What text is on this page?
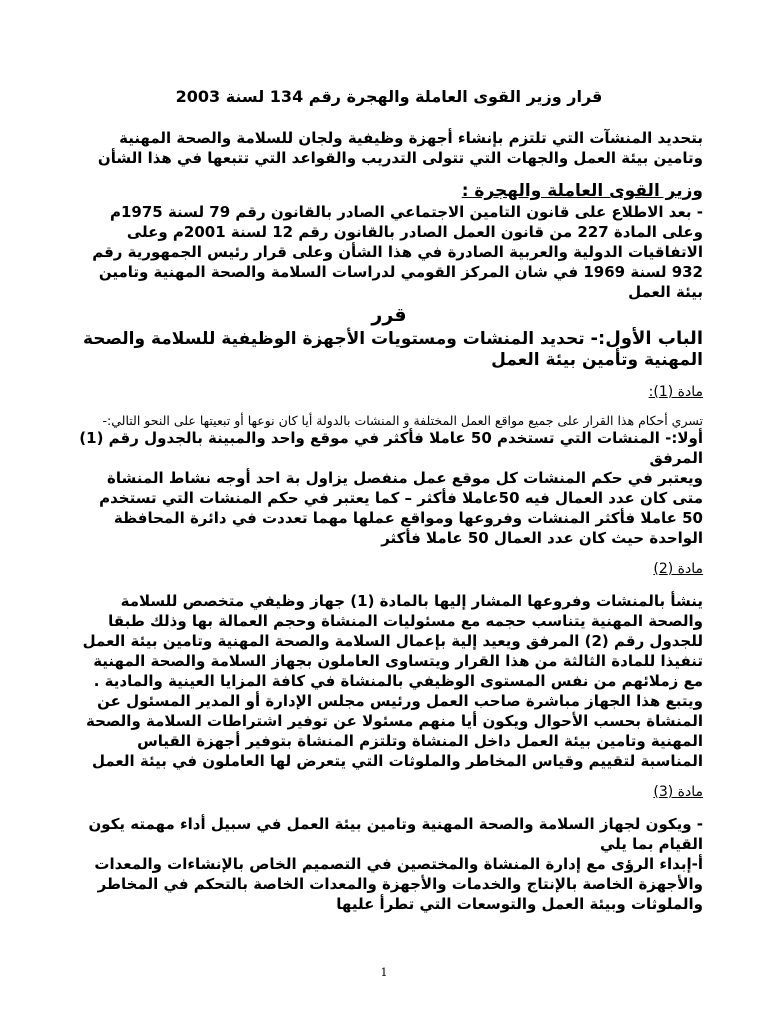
قرار وزير القوى العاملة والهجرة رقم 134 لسنة 2003

بتحديد المنشآت التي تلتزم بإنشاء أجهزة وظيفية ولجان للسلامة والصحة المهنية وتامين بيئة العمل والجهات التي تتولى التدريب والقواعد التي تتبعها في هذا الشأن

وزير القوى العاملة والهجرة :

- بعد الاطلاع على قانون التامين الاجتماعي الصادر بالقانون رقم 79 لسنة 1975م وعلى المادة 227 من قانون العمل الصادر بالقانون رقم 12 لسنة 2001م وعلى الاتفاقيات الدولية والعربية الصادرة في هذا الشأن وعلى قرار رئيس الجمهورية رقم 932 لسنة 1969 في شان المركز القومي لدراسات السلامة والصحة المهنية وتامين بيئة العمل

قرر

الباب الأول:- تحديد المنشات ومستويات الأجهزة الوظيفية للسلامة والصحة المهنية وتأمين بيئة العمل

مادة (1):

تسري أحكام هذا القرار على جميع مواقع العمل المختلفة و المنشات بالدولة أيا كان نوعها أو تبعيتها على النحو التالي:-

أولا:- المنشات التي تستخدم 50 عاملا فأكثر في موقع واحد والمبينة بالجدول رقم (1) المرفق

ويعتبر في حكم المنشات كل موقع عمل منفصل يزاول بة احد أوجه نشاط المنشاة متى كان عدد العمال فيه 50عاملا فأكثر – كما يعتبر في حكم المنشات التي تستخدم 50 عاملا فأكثر المنشات وفروعها ومواقع عملها مهما تعددت في دائرة المحافظة الواحدة حيث كان عدد العمال 50 عاملا فأكثر

مادة (2)

ينشأ بالمنشات وفروعها المشار إليها بالمادة (1) جهاز وظيفي متخصص للسلامة والصحة المهنية يتناسب حجمه مع مسئوليات المنشاة وحجم العمالة بها وذلك طبقا للجدول رقم (2) المرفق ويعيد إلية بإعمال السلامة والصحة المهنية وتامين بيئة العمل تنفيذا للمادة الثالثة من هذا القرار ويتساوى العاملون بجهاز السلامة والصحة المهنية مع زملائهم من نفس المستوى الوظيفي بالمنشاة في كافة المزايا العينية والمادية . ويتبع هذا الجهاز مباشرة صاحب العمل ورئيس مجلس الإدارة أو المدير المسئول عن المنشاة بحسب الأحوال ويكون أيا منهم مسئولا عن توفير اشتراطات السلامة والصحة المهنية وتامين بيئة العمل داخل المنشاة وتلتزم المنشاة بتوفير أجهزة القياس المناسبة لتقييم وقياس المخاطر والملوثات التي يتعرض لها العاملون في بيئة العمل

مادة (3)

- ويكون لجهاز السلامة والصحة المهنية وتامين بيئة العمل في سبيل أداء مهمته يكون القيام بما يلي

أ-إبداء الرؤى مع إدارة المنشاة والمختصين في التصميم الخاص بالإنشاءات والمعدات والأجهزة الخاصة بالإنتاج والخدمات والأجهزة والمعدات الخاصة بالتحكم في المخاطر والملوثات وبيئة العمل والتوسعات التي تطرأ عليها

1
